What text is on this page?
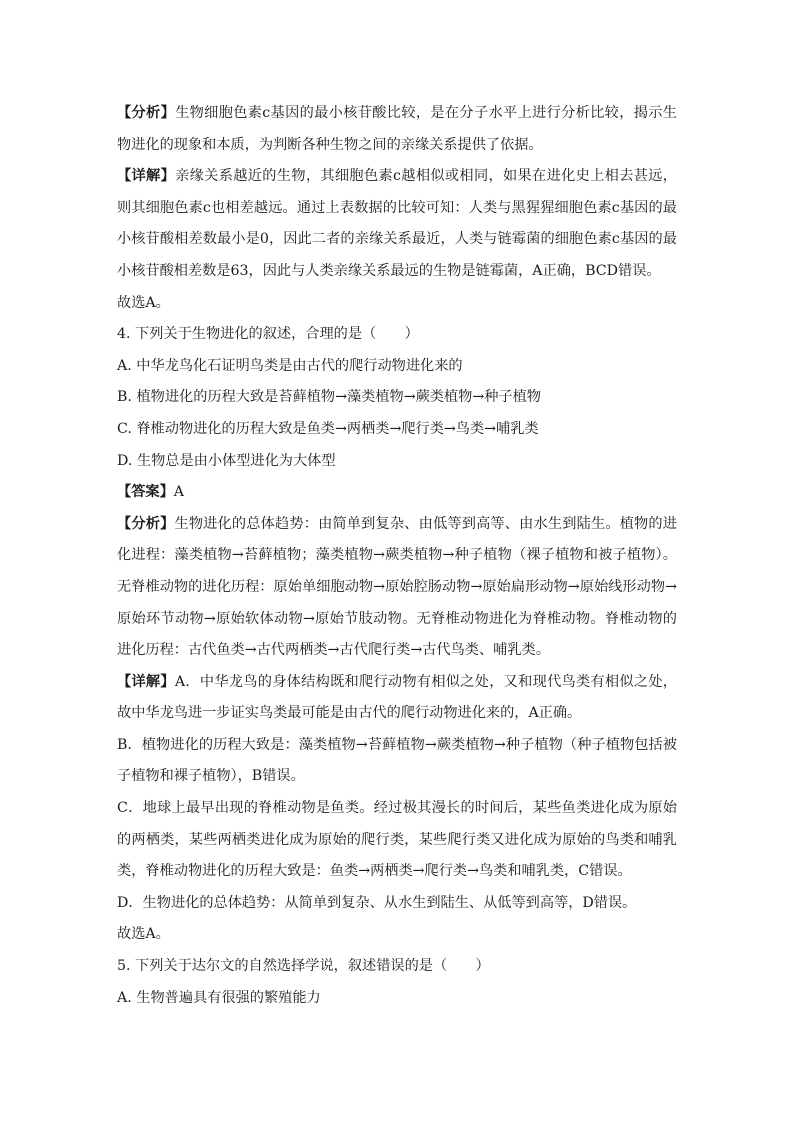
【分析】生物细胞色素c基因的最小核苷酸比较，是在分子水平上进行分析比较，揭示生物进化的现象和本质，为判断各种生物之间的亲缘关系提供了依据。

【详解】亲缘关系越近的生物，其细胞色素c越相似或相同，如果在进化史上相去甚远，则其细胞色素c也相差越远。通过上表数据的比较可知：人类与黑猩猩细胞色素c基因的最小核苷酸相差数最小是0，因此二者的亲缘关系最近，人类与链霉菌的细胞色素c基因的最小核苷酸相差数是63，因此与人类亲缘关系最远的生物是链霉菌，A正确，BCD错误。

故选A。

4. 下列关于生物进化的叙述，合理的是（　　）

A. 中华龙鸟化石证明鸟类是由古代的爬行动物进化来的

B. 植物进化的历程大致是苔藓植物→藻类植物→蕨类植物→种子植物

C. 脊椎动物进化的历程大致是鱼类→两栖类→爬行类→鸟类→哺乳类

D. 生物总是由小体型进化为大体型

【答案】A

【分析】生物进化的总体趋势：由简单到复杂、由低等到高等、由水生到陆生。植物的进化进程：藻类植物→苔藓植物；藻类植物→蕨类植物→种子植物（裸子植物和被子植物）。无脊椎动物的进化历程：原始单细胞动物→原始腔肠动物→原始扁形动物→原始线形动物→原始环节动物→原始软体动物→原始节肢动物。无脊椎动物进化为脊椎动物。脊椎动物的进化历程：古代鱼类→古代两栖类→古代爬行类→古代鸟类、哺乳类。

【详解】A．中华龙鸟的身体结构既和爬行动物有相似之处，又和现代鸟类有相似之处，故中华龙鸟进一步证实鸟类最可能是由古代的爬行动物进化来的，A正确。

B．植物进化的历程大致是：藻类植物→苔藓植物→蕨类植物→种子植物（种子植物包括被子植物和裸子植物），B错误。

C．地球上最早出现的脊椎动物是鱼类。经过极其漫长的时间后，某些鱼类进化成为原始的两栖类，某些两栖类进化成为原始的爬行类，某些爬行类又进化成为原始的鸟类和哺乳类，脊椎动物进化的历程大致是：鱼类→两栖类→爬行类→鸟类和哺乳类，C错误。

D．生物进化的总体趋势：从简单到复杂、从水生到陆生、从低等到高等，D错误。

故选A。

5. 下列关于达尔文的自然选择学说，叙述错误的是（　　）

A. 生物普遍具有很强的繁殖能力
